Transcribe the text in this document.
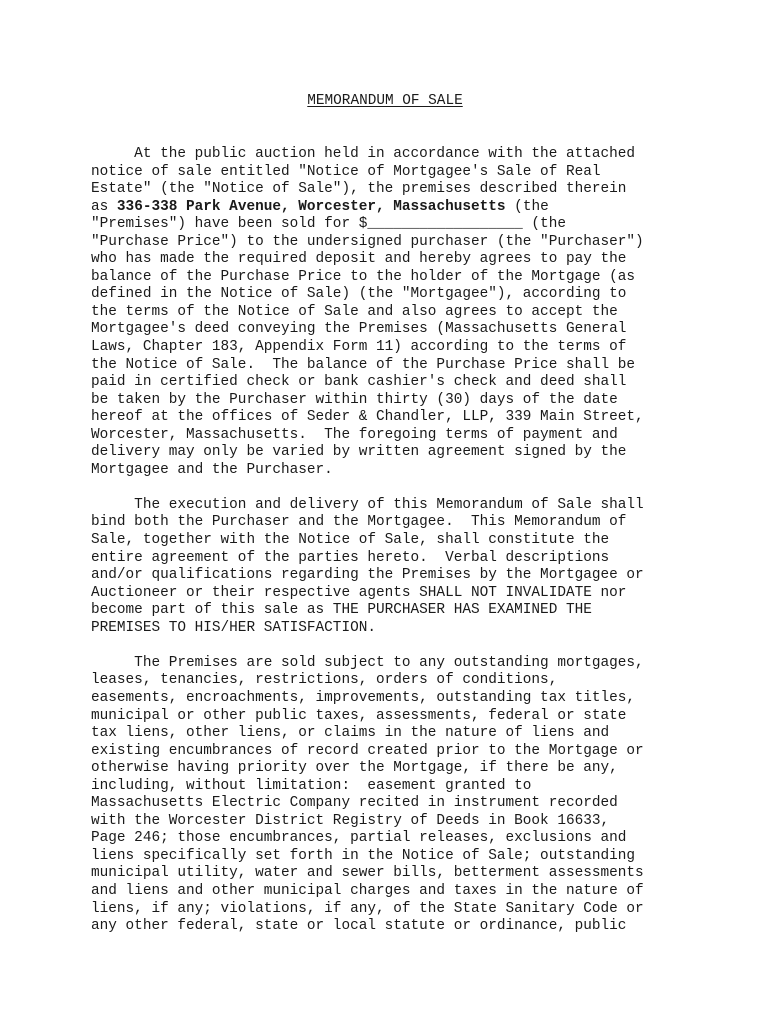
MEMORANDUM OF SALE

At the public auction held in accordance with the attached

notice of sale entitled "Notice of Mortgagee's Sale of Real

Estate" (the "Notice of Sale"), the premises described therein

as 336-338 Park Avenue, Worcester, Massachusetts (the

"Premises") have been sold for $__________________ (the

"Purchase Price") to the undersigned purchaser (the "Purchaser")

who has made the required deposit and hereby agrees to pay the

balance of the Purchase Price to the holder of the Mortgage (as

defined in the Notice of Sale) (the "Mortgagee"), according to

the terms of the Notice of Sale and also agrees to accept the

Mortgagee's deed conveying the Premises (Massachusetts General

Laws, Chapter 183, Appendix Form 11) according to the terms of

the Notice of Sale.  The balance of the Purchase Price shall be

paid in certified check or bank cashier's check and deed shall

be taken by the Purchaser within thirty (30) days of the date

hereof at the offices of Seder & Chandler, LLP, 339 Main Street,

Worcester, Massachusetts.  The foregoing terms of payment and

delivery may only be varied by written agreement signed by the

Mortgagee and the Purchaser.

The execution and delivery of this Memorandum of Sale shall

bind both the Purchaser and the Mortgagee.  This Memorandum of

Sale, together with the Notice of Sale, shall constitute the

entire agreement of the parties hereto.  Verbal descriptions

and/or qualifications regarding the Premises by the Mortgagee or

Auctioneer or their respective agents SHALL NOT INVALIDATE nor

become part of this sale as THE PURCHASER HAS EXAMINED THE

PREMISES TO HIS/HER SATISFACTION.

The Premises are sold subject to any outstanding mortgages,

leases, tenancies, restrictions, orders of conditions,

easements, encroachments, improvements, outstanding tax titles,

municipal or other public taxes, assessments, federal or state

tax liens, other liens, or claims in the nature of liens and

existing encumbrances of record created prior to the Mortgage or

otherwise having priority over the Mortgage, if there be any,

including, without limitation:  easement granted to

Massachusetts Electric Company recited in instrument recorded

with the Worcester District Registry of Deeds in Book 16633,

Page 246; those encumbrances, partial releases, exclusions and

liens specifically set forth in the Notice of Sale; outstanding

municipal utility, water and sewer bills, betterment assessments

and liens and other municipal charges and taxes in the nature of

liens, if any; violations, if any, of the State Sanitary Code or

any other federal, state or local statute or ordinance, public
